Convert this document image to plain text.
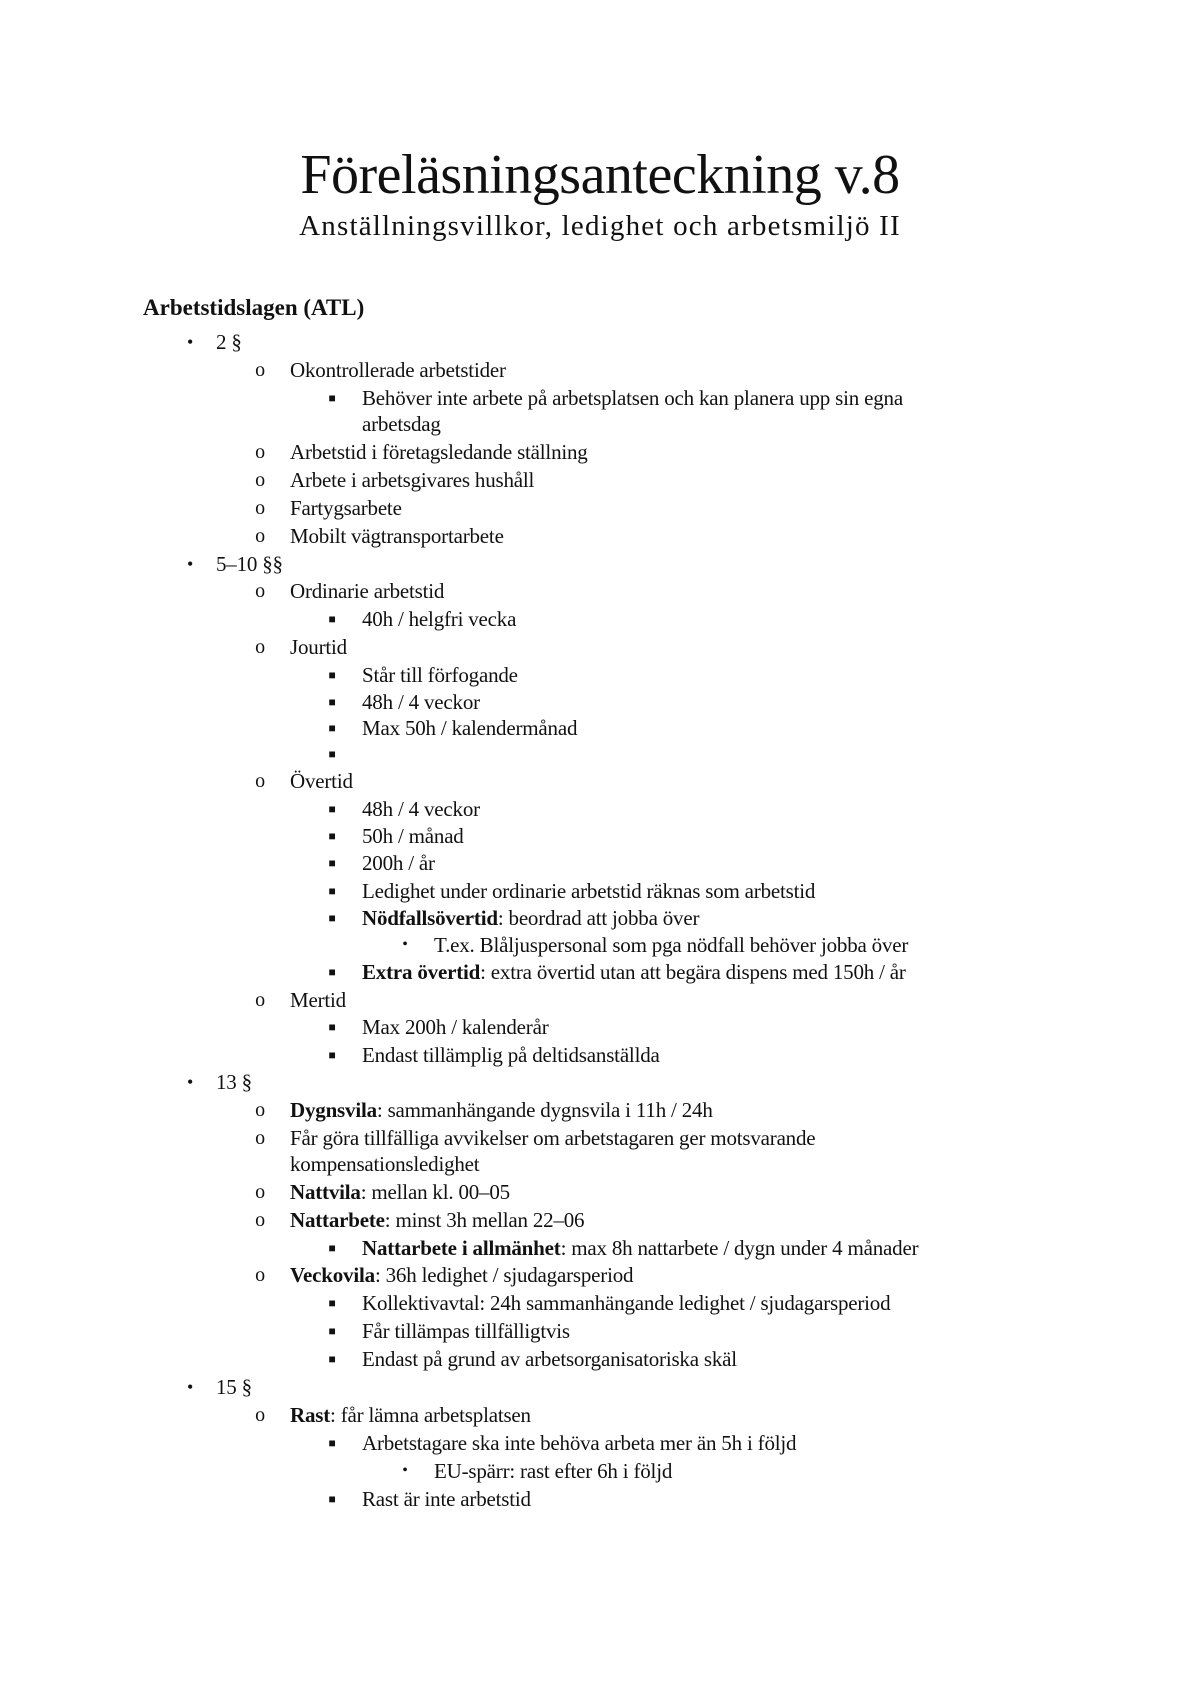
Föreläsningsanteckning v.8
Anställningsvillkor, ledighet och arbetsmiljö II
Arbetstidslagen (ATL)
•
2 §
o
Okontrollerade arbetstider
■
Behöver inte arbete på arbetsplatsen och kan planera upp sin egna
arbetsdag
o
Arbetstid i företagsledande ställning
o
Arbete i arbetsgivares hushåll
o
Fartygsarbete
o
Mobilt vägtransportarbete
•
5–10 §§
o
Ordinarie arbetstid
■
40h / helgfri vecka
o
Jourtid
■
Står till förfogande
■
48h / 4 veckor
■
Max 50h / kalendermånad
■
o
Övertid
■
48h / 4 veckor
■
50h / månad
■
200h / år
■
Ledighet under ordinarie arbetstid räknas som arbetstid
■
Nödfallsövertid: beordrad att jobba över
•
T.ex. Blåljuspersonal som pga nödfall behöver jobba över
■
Extra övertid: extra övertid utan att begära dispens med 150h / år
o
Mertid
■
Max 200h / kalenderår
■
Endast tillämplig på deltidsanställda
•
13 §
o
Dygnsvila: sammanhängande dygnsvila i 11h / 24h
o
Får göra tillfälliga avvikelser om arbetstagaren ger motsvarande
kompensationsledighet
o
Nattvila: mellan kl. 00–05
o
Nattarbete: minst 3h mellan 22–06
■
Nattarbete i allmänhet: max 8h nattarbete / dygn under 4 månader
o
Veckovila: 36h ledighet / sjudagarsperiod
■
Kollektivavtal: 24h sammanhängande ledighet / sjudagarsperiod
■
Får tillämpas tillfälligtvis
■
Endast på grund av arbetsorganisatoriska skäl
•
15 §
o
Rast: får lämna arbetsplatsen
■
Arbetstagare ska inte behöva arbeta mer än 5h i följd
•
EU-spärr: rast efter 6h i följd
■
Rast är inte arbetstid
